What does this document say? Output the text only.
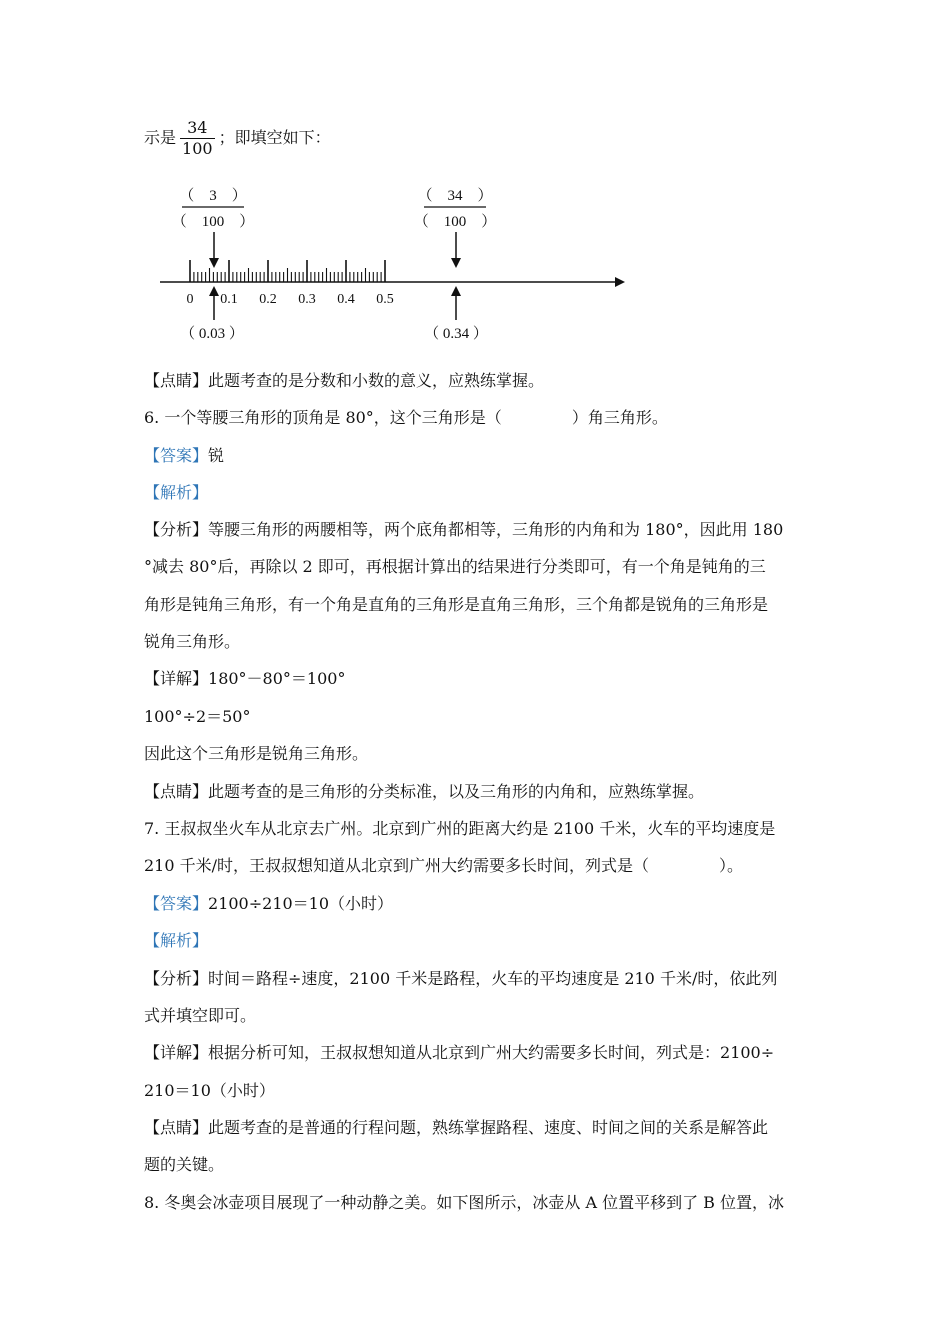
示是 $\frac{34}{100}$ ；即填空如下：
（　3　）
（　100　）
（　34　）
（　100　）
0 0.1 0.2 0.3 0.4 0.5
（ 0.03 ）	（ 0.34 ）
【点睛】此题考查的是分数和小数的意义，应熟练掌握。
6. 一个等腰三角形的顶角是 80°，这个三角形是（	）角三角形。
【答案】锐
【解析】
【分析】等腰三角形的两腰相等，两个底角都相等，三角形的内角和为 180°，因此用 180
°减去 80°后，再除以 2 即可，再根据计算出的结果进行分类即可，有一个角是钝角的三
角形是钝角三角形，有一个角是直角的三角形是直角三角形，三个角都是锐角的三角形是
锐角三角形。
【详解】180°－80°＝100°
100°÷2＝50°
因此这个三角形是锐角三角形。
【点睛】此题考查的是三角形的分类标准，以及三角形的内角和，应熟练掌握。
7. 王叔叔坐火车从北京去广州。北京到广州的距离大约是 2100 千米，火车的平均速度是
210 千米/时，王叔叔想知道从北京到广州大约需要多长时间，列式是（	）。
【答案】2100÷210＝10（小时）
【解析】
【分析】时间＝路程÷速度，2100 千米是路程，火车的平均速度是 210 千米/时，依此列
式并填空即可。
【详解】根据分析可知，王叔叔想知道从北京到广州大约需要多长时间，列式是：2100÷
210＝10（小时）
【点睛】此题考查的是普通的行程问题，熟练掌握路程、速度、时间之间的关系是解答此
题的关键。
8. 冬奥会冰壶项目展现了一种动静之美。如下图所示，冰壶从 A 位置平移到了 B 位置，冰
